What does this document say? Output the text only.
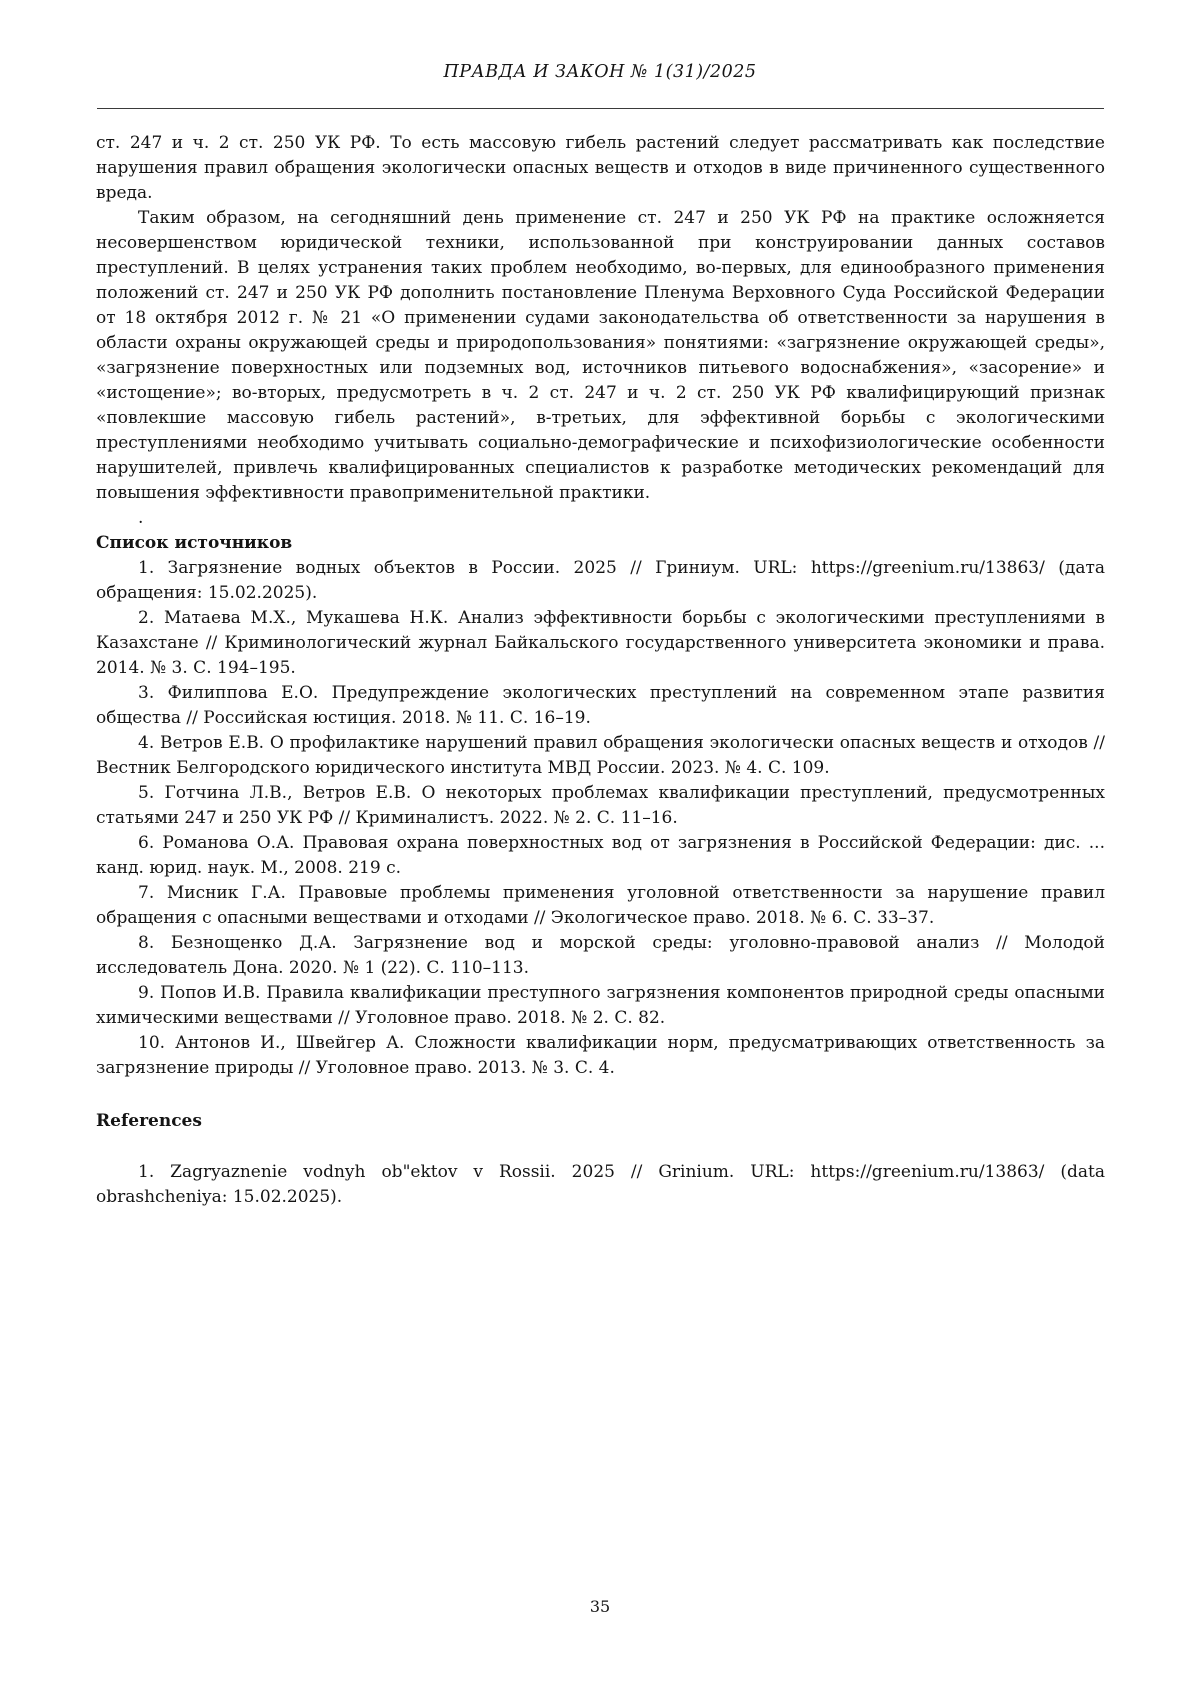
ПРАВДА И ЗАКОН № 1(31)/2025

ст. 247 и ч. 2 ст. 250 УК РФ. То есть массовую гибель растений следует рассматривать как последствие нарушения правил обращения экологически опасных веществ и отходов в виде причиненного существенного вреда.

Таким образом, на сегодняшний день применение ст. 247 и 250 УК РФ на практике осложняется несовершенством юридической техники, использованной при конструировании данных составов преступлений. В целях устранения таких проблем необходимо, во-первых, для единообразного применения положений ст. 247 и 250 УК РФ дополнить постановление Пленума Верховного Суда Российской Федерации от 18 октября 2012 г. № 21 «О применении судами законодательства об ответственности за нарушения в области охраны окружающей среды и природопользования» понятиями: «загрязнение окружающей среды», «загрязнение поверхностных или подземных вод, источников питьевого водоснабжения», «засорение» и «истощение»; во-вторых, предусмотреть в ч. 2 ст. 247 и ч. 2 ст. 250 УК РФ квалифицирующий признак «повлекшие массовую гибель растений», в-третьих, для эффективной борьбы с экологическими преступлениями необходимо учитывать социально-демографические и психофизиологические особенности нарушителей, привлечь квалифицированных специалистов к разработке методических рекомендаций для повышения эффективности правоприменительной практики.

.

Список источников

1. Загрязнение водных объектов в России. 2025 // Гриниум. URL: https://greenium.ru/13863/ (дата обращения: 15.02.2025).

2. Матаева М.Х., Мукашева Н.К. Анализ эффективности борьбы с экологическими преступлениями в Казахстане // Криминологический журнал Байкальского государственного университета экономики и права. 2014. № 3. С. 194–195.

3. Филиппова Е.О. Предупреждение экологических преступлений на современном этапе развития общества // Российская юстиция. 2018. № 11. С. 16–19.

4. Ветров Е.В. О профилактике нарушений правил обращения экологически опасных веществ и отходов // Вестник Белгородского юридического института МВД России. 2023. № 4. С. 109.

5. Готчина Л.В., Ветров Е.В. О некоторых проблемах квалификации преступлений, предусмотренных статьями 247 и 250 УК РФ // Криминалистъ. 2022. № 2. С. 11–16.

6. Романова О.А. Правовая охрана поверхностных вод от загрязнения в Российской Федерации: дис. ... канд. юрид. наук. М., 2008. 219 с.

7. Мисник Г.А. Правовые проблемы применения уголовной ответственности за нарушение правил обращения с опасными веществами и отходами // Экологическое право. 2018. № 6. С. 33–37.

8. Безнощенко Д.А. Загрязнение вод и морской среды: уголовно-правовой анализ // Молодой исследователь Дона. 2020. № 1 (22). С. 110–113.

9. Попов И.В. Правила квалификации преступного загрязнения компонентов природной среды опасными химическими веществами // Уголовное право. 2018. № 2. С. 82.

10. Антонов И., Швейгер А. Сложности квалификации норм, предусматривающих ответственность за загрязнение природы // Уголовное право. 2013. № 3. С. 4.

References

1. Zagryaznenie vodnyh ob"ektov v Rossii. 2025 // Grinium. URL: https://greenium.ru/13863/ (data obrashcheniya: 15.02.2025).

35
